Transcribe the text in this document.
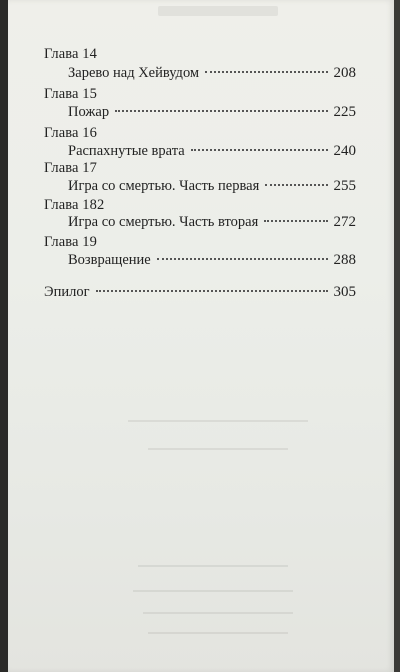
Глава 14
Зарево над Хейвудом	208
Глава 15
Пожар	225
Глава 16
Распахнутые врата	240
Глава 17
Игра со смертью. Часть первая	255
Глава 182
Игра со смертью. Часть вторая	272
Глава 19
Возвращение	288
Эпилог	305
